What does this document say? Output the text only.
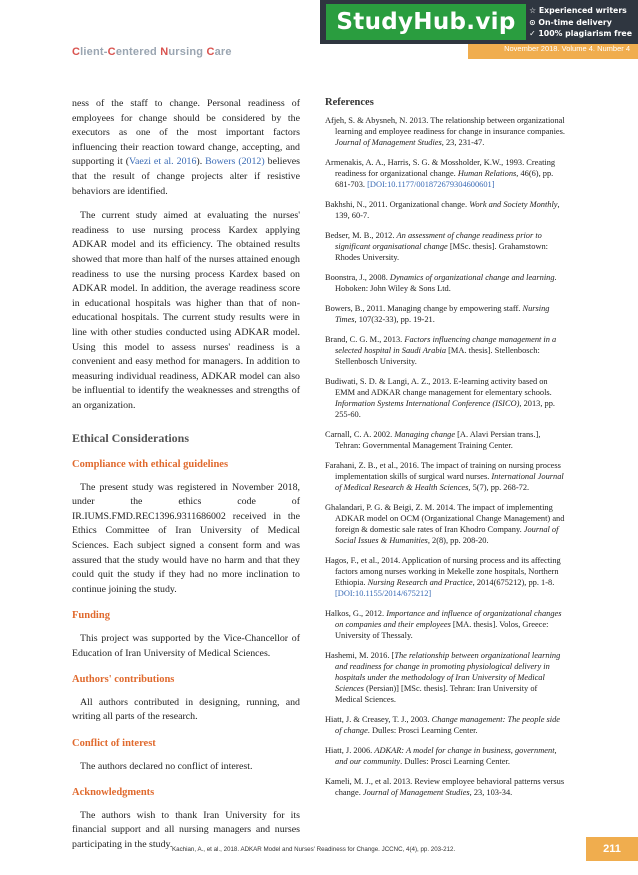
Client-Centered Nursing Care	November 2018. Volume 4. Number 4
StudyHub.vip	☆ Experienced writers
⊙ On-time delivery
✓ 100% plagiarism free

ness of the staff to change. Personal readiness of employees for change should be considered by the executors as one of the most important factors influencing their reaction toward change, accepting, and supporting it (Vaezi et al. 2016). Bowers (2012) believes that the result of change projects alter if resistive behaviors are identified.

The current study aimed at evaluating the nurses' readiness to use nursing process Kardex applying ADKAR model and its efficiency. The obtained results showed that more than half of the nurses attained enough readiness to use the nursing process Kardex based on ADKAR model. In addition, the average readiness score in educational hospitals was higher than that of non-educational hospitals. The current study results were in line with other studies conducted using ADKAR model. Using this model to assess nurses' readiness is a convenient and easy method for managers. In addition to measuring individual readiness, ADKAR model can also be influential to identify the weaknesses and strengths of an organization.

Ethical Considerations
Compliance with ethical guidelines

The present study was registered in November 2018, under the ethics code of IR.IUMS.FMD.REC1396.9311686002 received in the Ethics Committee of Iran University of Medical Sciences. Each subject signed a consent form and was assured that the study would have no harm and that they could quit the study if they had no more inclination to continue joining the study.

Funding

This project was supported by the Vice-Chancellor of Education of Iran University of Medical Sciences.

Authors' contributions

All authors contributed in designing, running, and writing all parts of the research.

Conflict of interest

The authors declared no conflict of interest.

Acknowledgments

The authors wish to thank Iran University for its financial support and all nursing managers and nurses participating in the study.

References

Afjeh, S. & Abysneh, N. 2013. The relationship between organizational learning and employee readiness for change in insurance companies. Journal of Management Studies, 23, 231-47.

Armenakis, A. A., Harris, S. G. & Mossholder, K.W., 1993. Creating readiness for organizational change. Human Relations, 46(6), pp. 681-703. [DOI:10.1177/001872679304600601]

Bakhshi, N., 2011. Organizational change. Work and Society Monthly, 139, 60-7.

Bedser, M. B., 2012. An assessment of change readiness prior to significant organisational change [MSc. thesis]. Grahamstown: Rhodes University.

Boonstra, J., 2008. Dynamics of organizational change and learning. Hoboken: John Wiley & Sons Ltd.

Bowers, B., 2011. Managing change by empowering staff. Nursing Times, 107(32-33), pp. 19-21.

Brand, C. G. M., 2013. Factors influencing change management in a selected hospital in Saudi Arabia [MA. thesis]. Stellenbosch: Stellenbosch University.

Budiwati, S. D. & Langi, A. Z., 2013. E-learning activity based on EMM and ADKAR change management for elementary schools. Information Systems International Conference (ISICO), 2013, pp. 255-60.

Carnall, C. A. 2002. Managing change [A. Alavi Persian trans.], Tehran: Governmental Management Training Center.

Farahani, Z. B., et al., 2016. The impact of training on nursing process implementation skills of surgical ward nurses. International Journal of Medical Research & Health Sciences, 5(7), pp. 268-72.

Ghalandari, P. G. & Beigi, Z. M. 2014. The impact of implementing ADKAR model on OCM (Organizational Change Management) and foreign & domestic sale rates of Iran Khodro Company. Journal of Social Issues & Humanities, 2(8), pp. 208-20.

Hagos, F., et al., 2014. Application of nursing process and its affecting factors among nurses working in Mekelle zone hospitals, Northern Ethiopia. Nursing Research and Practice, 2014(675212), pp. 1-8. [DOI:10.1155/2014/675212]

Halkos, G., 2012. Importance and influence of organizational changes on companies and their employees [MA. thesis]. Volos, Greece: University of Thessaly.

Hashemi, M. 2016. [The relationship between organizational learning and readiness for change in promoting physiological delivery in hospitals under the methodology of Iran University of Medical Sciences (Persian)] [MSc. thesis]. Tehran: Iran University of Medical Sciences.

Hiatt, J. & Creasey, T. J., 2003. Change management: The people side of change. Dulles: Prosci Learning Center.

Hiatt, J. 2006. ADKAR: A model for change in business, government, and our community. Dulles: Prosci Learning Center.

Kameli, M. J., et al. 2013. Review employee behavioral patterns versus change. Journal of Management Studies, 23, 103-34.

Kachian, A., et al., 2018. ADKAR Model and Nurses' Readiness for Change. JCCNC, 4(4), pp. 203-212.	211
